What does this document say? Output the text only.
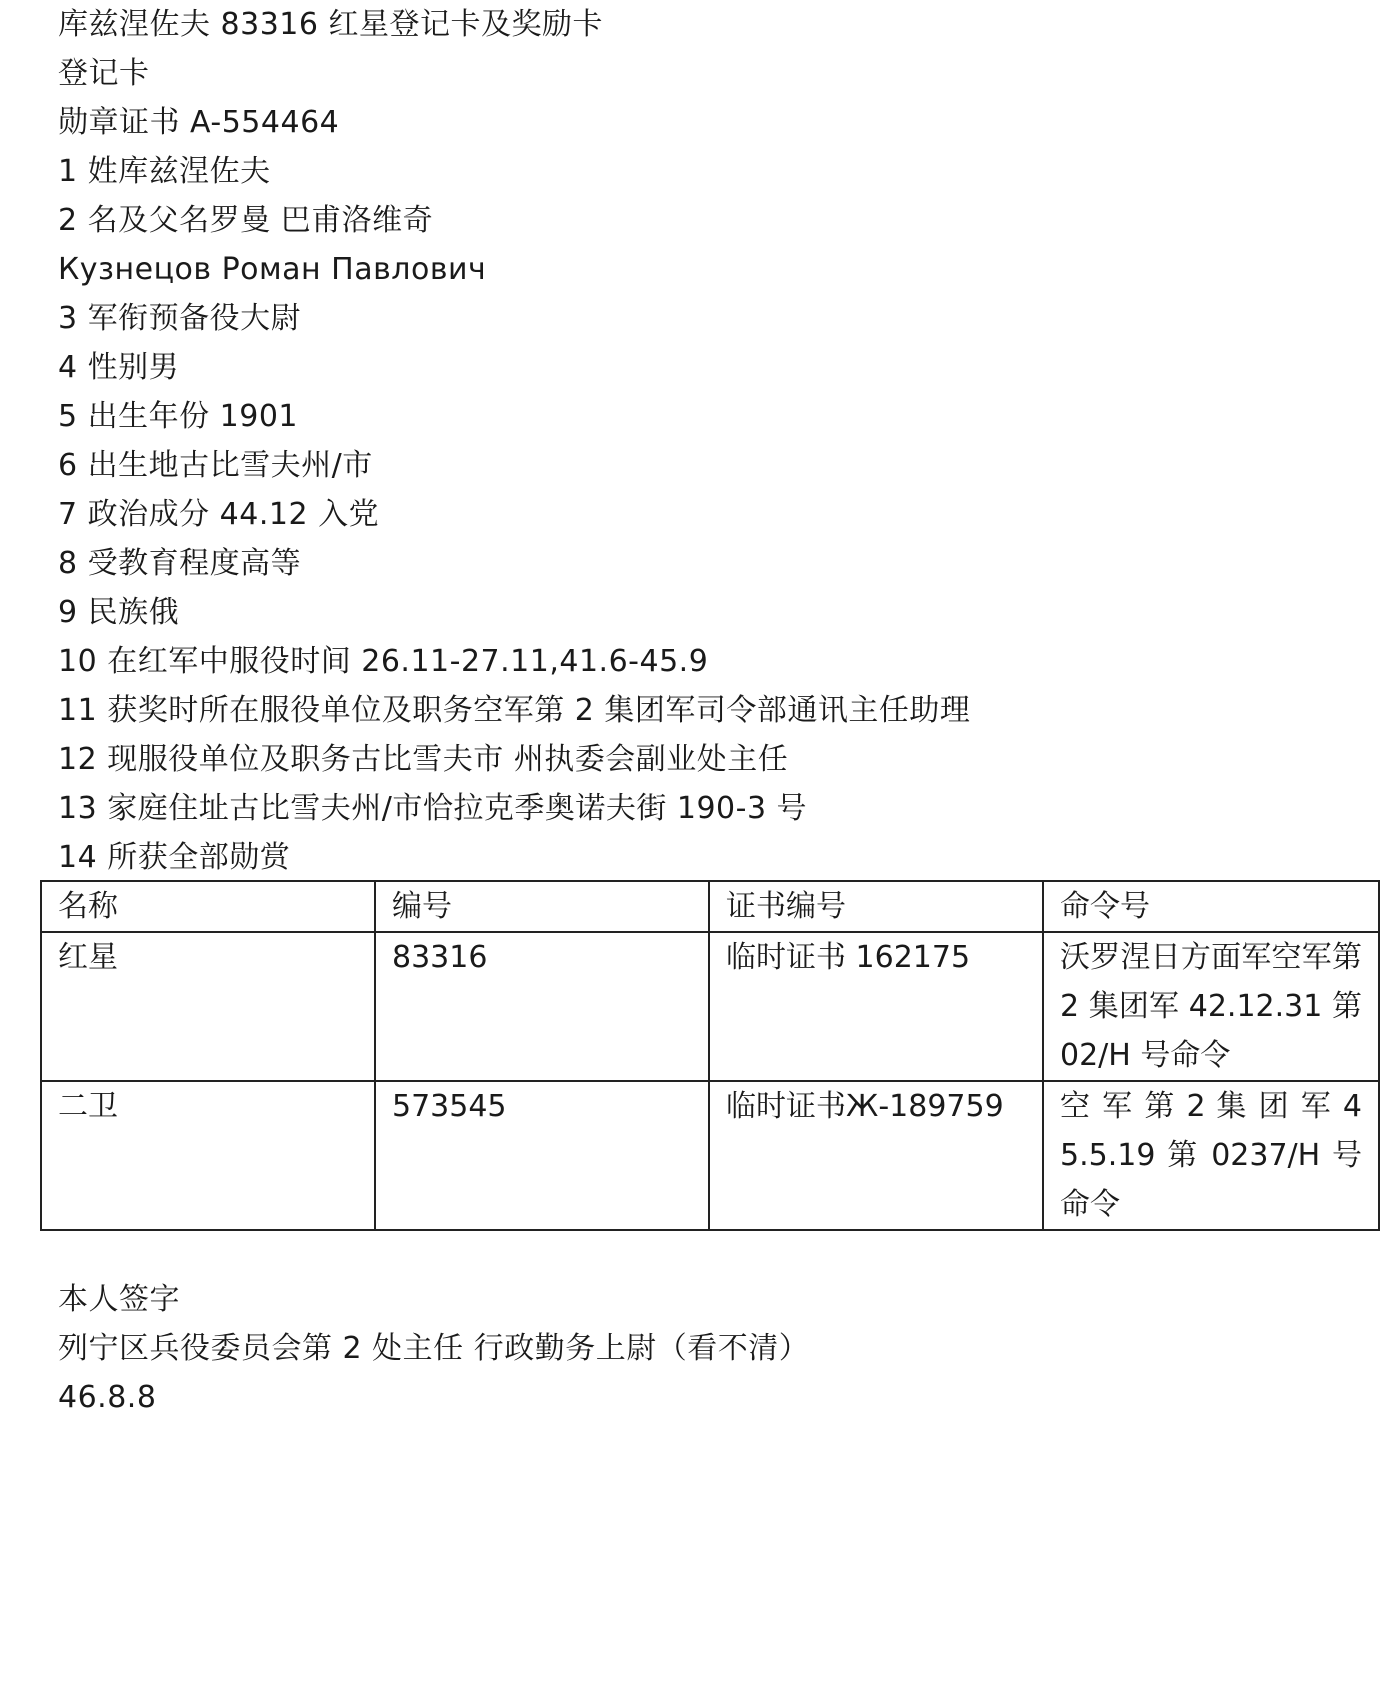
库兹涅佐夫 83316 红星登记卡及奖励卡
登记卡
勋章证书 A-554464
1 姓库兹涅佐夫
2 名及父名罗曼 巴甫洛维奇
Кузнецов Роман Павлович
3 军衔预备役大尉
4 性别男
5 出生年份 1901
6 出生地古比雪夫州/市
7 政治成分 44.12 入党
8 受教育程度高等
9 民族俄
10 在红军中服役时间 26.11-27.11,41.6-45.9
11 获奖时所在服役单位及职务空军第 2 集团军司令部通讯主任助理
12 现服役单位及职务古比雪夫市 州执委会副业处主任
13 家庭住址古比雪夫州/市恰拉克季奥诺夫街 190-3 号
14 所获全部勋赏
名称	编号	证书编号	命令号
红星	83316	临时证书 162175	沃罗涅日方面军空军第 2 集团军 42.12.31 第 02/H 号命令
二卫	573545	临时证书Ж-189759	空 军 第 2 集 团 军 45.5.19 第 0237/H 号命令
本人签字
列宁区兵役委员会第 2 处主任 行政勤务上尉（看不清）
46.8.8
